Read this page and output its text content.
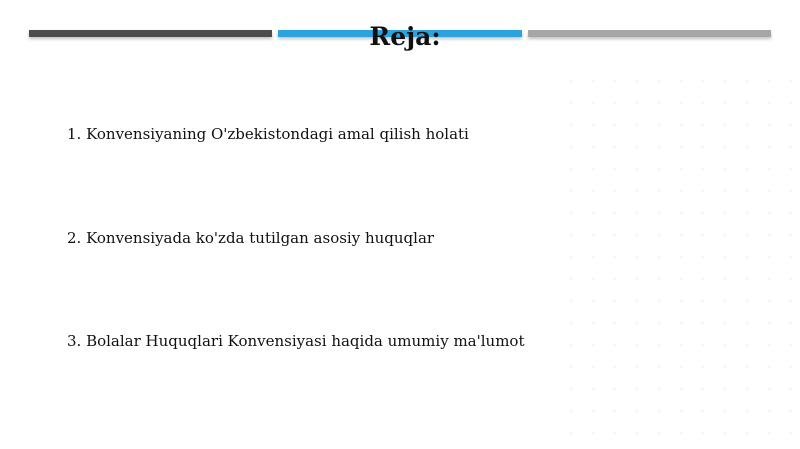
Reja:
1. Konvensiyaning O'zbekistondagi amal qilish holati
2. Konvensiyada ko'zda tutilgan asosiy huquqlar
3. Bolalar Huquqlari Konvensiyasi haqida umumiy ma'lumot
